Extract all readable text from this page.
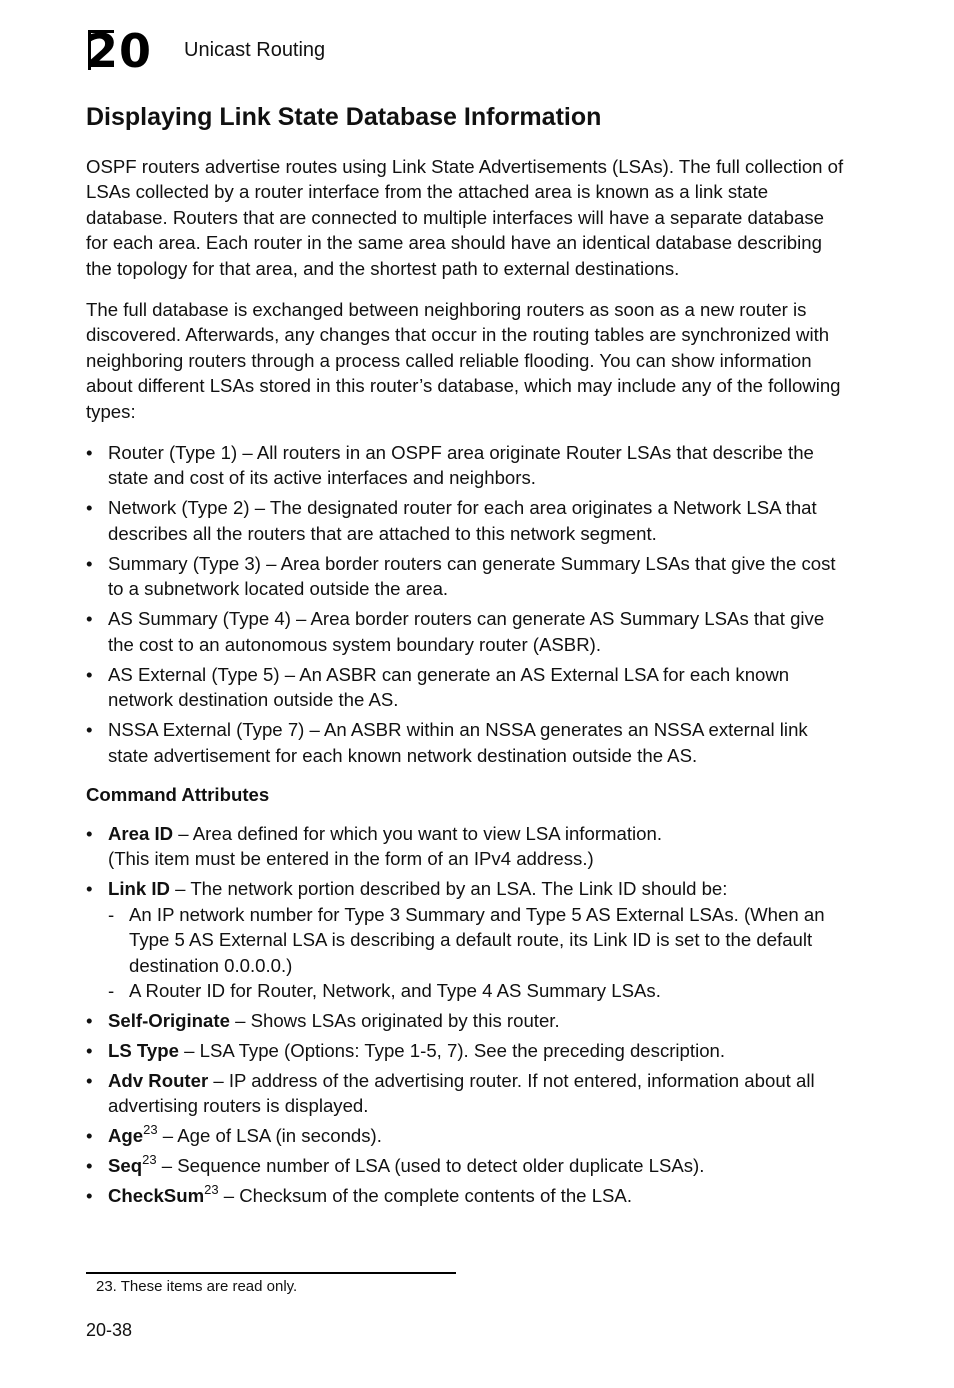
20 Unicast Routing
Displaying Link State Database Information

OSPF routers advertise routes using Link State Advertisements (LSAs). The full collection of LSAs collected by a router interface from the attached area is known as a link state database. Routers that are connected to multiple interfaces will have a separate database for each area. Each router in the same area should have an identical database describing the topology for that area, and the shortest path to external destinations.

The full database is exchanged between neighboring routers as soon as a new router is discovered. Afterwards, any changes that occur in the routing tables are synchronized with neighboring routers through a process called reliable flooding. You can show information about different LSAs stored in this router’s database, which may include any of the following types:

• Router (Type 1) – All routers in an OSPF area originate Router LSAs that describe the state and cost of its active interfaces and neighbors.
• Network (Type 2) – The designated router for each area originates a Network LSA that describes all the routers that are attached to this network segment.
• Summary (Type 3) – Area border routers can generate Summary LSAs that give the cost to a subnetwork located outside the area.
• AS Summary (Type 4) – Area border routers can generate AS Summary LSAs that give the cost to an autonomous system boundary router (ASBR).
• AS External (Type 5) – An ASBR can generate an AS External LSA for each known network destination outside the AS.
• NSSA External (Type 7) – An ASBR within an NSSA generates an NSSA external link state advertisement for each known network destination outside the AS.
Command Attributes
• Area ID – Area defined for which you want to view LSA information.
(This item must be entered in the form of an IPv4 address.)
• Link ID – The network portion described by an LSA. The Link ID should be:
- An IP network number for Type 3 Summary and Type 5 AS External LSAs. (When an Type 5 AS External LSA is describing a default route, its Link ID is set to the default destination 0.0.0.0.)
- A Router ID for Router, Network, and Type 4 AS Summary LSAs.
• Self-Originate – Shows LSAs originated by this router.
• LS Type – LSA Type (Options: Type 1-5, 7). See the preceding description.
• Adv Router – IP address of the advertising router. If not entered, information about all advertising routers is displayed.
• Age$^{23}$ – Age of LSA (in seconds).
• Seq$^{23}$ – Sequence number of LSA (used to detect older duplicate LSAs).
• CheckSum$^{23}$ – Checksum of the complete contents of the LSA.
23. These items are read only.
20-38
